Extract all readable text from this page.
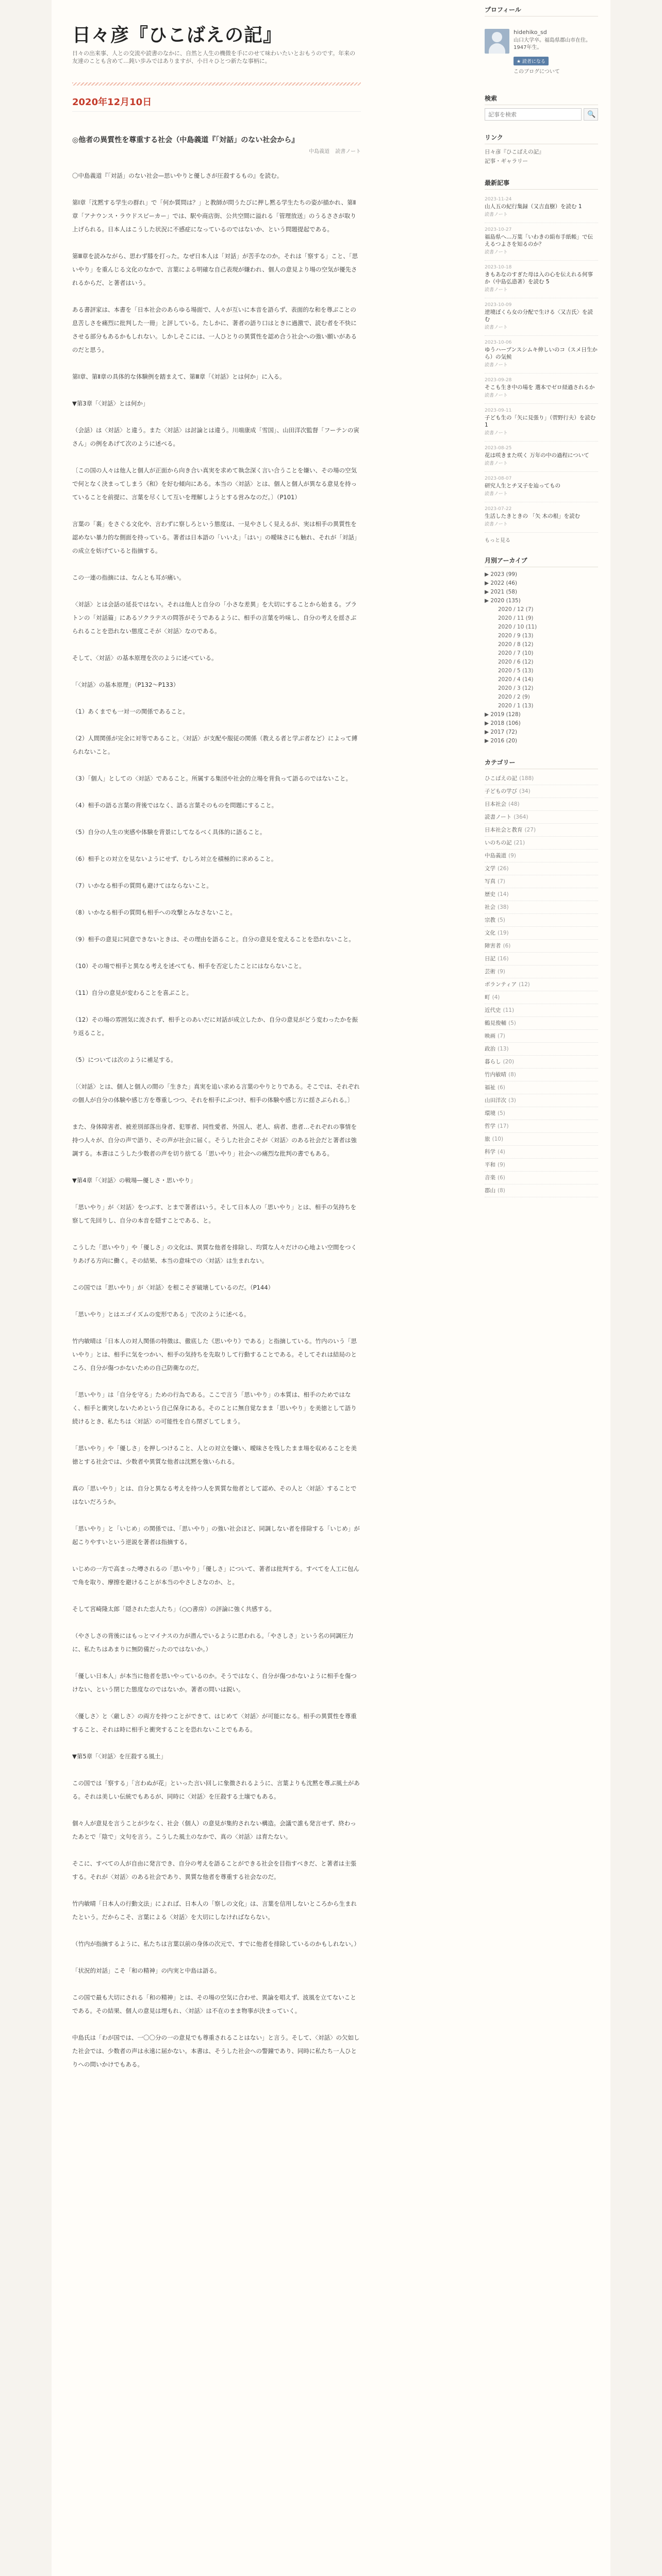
日々彦『ひこばえの記』

日々の出来事、人との交流や読書のなかに、自然と人生の機微を手にのせて味わいたいとおもうのです。年来の友達のことも含めて…鈍い歩みではありますが、小日々ひとつ新たな事柄に。

2020年12月10日
◎他者の異質性を尊重する社会（中島義道『「対話」のない社会から』
中島義道 読書ノート

〇中島義道『「対話」のない社会—思いやりと優しさが圧殺するもの』を読む。

第Ⅰ章「沈黙する学生の群れ」で「何か質問は？」と教師が問うたびに押し黙る学生たちの姿が描かれ、第Ⅱ章「アナウンス・ラウドスピーカー」では、駅や商店街、公共空間に溢れる「管理放送」のうるささが取り上げられる。日本人はこうした状況に不感症になっているのではないか、という問題提起である。

第Ⅲ章を読みながら、思わず膝を打った。なぜ日本人は「対話」が苦手なのか。それは「察する」こと、「思いやり」を重んじる文化のなかで、言葉による明確な自己表現が嫌われ、個人の意見より場の空気が優先されるからだ、と著者はいう。

ある書評家は、本書を「日本社会のあらゆる場面で、人々が互いに本音を語らず、表面的な和を尊ぶことの息苦しさを痛烈に批判した一冊」と評している。たしかに、著者の語り口はときに過激で、読む者を不快にさせる部分もあるかもしれない。しかしそこには、一人ひとりの異質性を認め合う社会への強い願いがあるのだと思う。

第Ⅰ章、第Ⅱ章の具体的な体験例を踏まえて、第Ⅲ章「《対話》とは何か」に入る。

▼第3章「〈対話〉とは何か」

（会話）は〈対話〉と違う。また〈対話〉は討論とは違う。川端康成「雪国」、山田洋次監督「フーテンの寅さん」の例をあげて次のように述べる。

〔この国の人々は他人と個人が正面から向き合い真実を求めて執念深く言い合うことを嫌い、その場の空気で何となく決まってしまう《和》を好む傾向にある。本当の〈対話〉とは、個人と個人が異なる意見を持っていることを前提に、言葉を尽くして互いを理解しようとする営みなのだ。〕（P101）

言葉の「裏」をさぐる文化や、言わずに察しろという態度は、一見やさしく見えるが、実は相手の異質性を認めない暴力的な側面を持っている。著者は日本語の「いいえ」「はい」の曖昧さにも触れ、それが「対話」の成立を妨げていると指摘する。

この一連の指摘には、なんとも耳が痛い。

〈対話〉とは会話の延長ではない。それは他人と自分の「小さな差異」を大切にすることから始まる。プラトンの「対話篇」にあるソクラテスの問答がそうであるように、相手の言葉を吟味し、自分の考えを揺さぶられることを恐れない態度こそが〈対話〉なのである。

そして、〈対話〉の基本原理を次のように述べている。

「〈対話〉の基本原理」（P132〜P133）

（1）あくまでも一対一の関係であること。

（2）人間関係が完全に対等であること。〈対話〉が支配や服従の関係（教える者と学ぶ者など）によって縛られないこと。

（3）「個人」としての〈対話〉であること。所属する集団や社会的立場を背負って語るのではないこと。

（4）相手の語る言葉の背後ではなく、語る言葉そのものを問題にすること。

（5）自分の人生の実感や体験を背景にしてなるべく具体的に語ること。

（6）相手との対立を見ないようにせず、むしろ対立を積極的に求めること。

（7）いかなる相手の質問も避けてはならないこと。

（8）いかなる相手の質問も相手への攻撃とみなさないこと。

（9）相手の意見に同意できないときは、その理由を語ること。自分の意見を変えることを恐れないこと。

（10）その場で相手と異なる考えを述べても、相手を否定したことにはならないこと。

（11）自分の意見が変わることを喜ぶこと。

（12）その場の雰囲気に流されず、相手とのあいだに対話が成立したか、自分の意見がどう変わったかを振り返ること。

（5）については次のように補足する。

〔〈対話〉とは、個人と個人の間の「生きた」真実を追い求める言葉のやりとりである。そこでは、それぞれの個人が自分の体験や感じ方を尊重しつつ、それを相手にぶつけ、相手の体験や感じ方に揺さぶられる。〕

また、身体障害者、被差別部落出身者、犯罪者、同性愛者、外国人、老人、病者、患者…それぞれの事情を持つ人々が、自分の声で語り、その声が社会に届く。そうした社会こそが〈対話〉のある社会だと著者は強調する。本書はこうした少数者の声を切り捨てる「思いやり」社会への痛烈な批判の書でもある。

▼第4章「〈対話〉の戦場—優しさ・思いやり」

「思いやり」が〈対話〉をつぶす、とまで著者はいう。そして日本人の「思いやり」とは、相手の気持ちを察して先回りし、自分の本音を隠すことである、と。

こうした「思いやり」や「優しさ」の文化は、異質な他者を排除し、均質な人々だけの心地よい空間をつくりあげる方向に働く。その結果、本当の意味での〈対話〉は生まれない。

この国では「思いやり」が〈対話〉を根こそぎ破壊しているのだ。（P144）

「思いやり」とはエゴイズムの変形である」で次のように述べる。

竹内敏晴は「日本人の対人関係の特徴は、徹底した《思いやり》である」と指摘している。竹内のいう「思いやり」とは、相手に気をつかい、相手の気持ちを先取りして行動することである。そしてそれは結局のところ、自分が傷つかないための自己防衛なのだ。

「思いやり」は「自分を守る」ための行為である。ここで言う「思いやり」の本質は、相手のためではなく、相手と衝突しないためという自己保身にある。そのことに無自覚なまま「思いやり」を美徳として語り続けるとき、私たちは〈対話〉の可能性を自ら閉ざしてしまう。

「思いやり」や「優しさ」を押しつけること、人との対立を嫌い、曖昧さを残したまま場を収めることを美徳とする社会では、少数者や異質な他者は沈黙を強いられる。

真の「思いやり」とは、自分と異なる考えを持つ人を異質な他者として認め、その人と〈対話〉することではないだろうか。

「思いやり」と「いじめ」の関係では、「思いやり」の強い社会ほど、同調しない者を排除する「いじめ」が起こりやすいという逆説を著者は指摘する。

いじめの一方で高まった噂されるの「思いやり」「優しさ」について、著者は批判する。すべてを人工に包んで角を取り、摩擦を避けることが本当のやさしさなのか、と。

そして宮崎隆太郎「隠された恋人たち」（○○書房）の評論に強く共感する。

（やさしさの背後にはもっとマイナスの力が潜んでいるように思われる。「やさしさ」という名の同調圧力に、私たちはあまりに無防備だったのではないか。）

「優しい日本人」が本当に他者を思いやっているのか。そうではなく、自分が傷つかないように相手を傷つけない、という閉じた態度なのではないか。著者の問いは鋭い。

〈優しさ〉と〈厳しさ〉の両方を持つことができて、はじめて〈対話〉が可能になる。相手の異質性を尊重すること、それは時に相手と衝突することを恐れないことでもある。

▼第5章「〈対話〉を圧殺する風土」

この国では「察する」「言わぬが花」といった言い回しに象徴されるように、言葉よりも沈黙を尊ぶ風土がある。それは美しい伝統でもあるが、同時に〈対話〉を圧殺する土壌でもある。

個々人が意見を言うことが少なく、社会（個人）の意見が集約されない構造。会議で誰も発言せず、終わったあとで「陰で」文句を言う。こうした風土のなかで、真の〈対話〉は育たない。

そこに、すべての人が自由に発言でき、自分の考えを語ることができる社会を目指すべきだ、と著者は主張する。それが〈対話〉のある社会であり、異質な他者を尊重する社会なのだ。

竹内敏晴「日本人の行動文法」によれば、日本人の「察しの文化」は、言葉を信用しないところから生まれたという。だからこそ、言葉による〈対話〉を大切にしなければならない。

（竹内が指摘するように、私たちは言葉以前の身体の次元で、すでに他者を排除しているのかもしれない。）

「状況的対話」こそ「和の精神」の内実と中島は語る。

この国で最も大切にされる「和の精神」とは、その場の空気に合わせ、異論を唱えず、波風を立てないことである。その結果、個人の意見は埋もれ、〈対話〉は不在のまま物事が決まっていく。

中島氏は「わが国では、一〇〇分の一の意見でも尊重されることはない」と言う。そして、〈対話〉の欠如した社会では、少数者の声は永遠に届かない。本書は、そうした社会への警鐘であり、同時に私たち一人ひとりへの問いかけでもある。

プロフィール
hidehiko_sd
山口大学卒。福島県郡山市在住。1947年生。
★ 読者になる
このブログについて
検索
記事を検索
🔍
リンク
日々彦『ひこばえの記』
記事・ギャラリー
最新記事
2023-11-24
山人五の紀行集録（又吉直樹）を読む 1
読書ノート
2023-10-27
福島県へ…万葉「いわきの絹布手紙帳」で伝えるつよさを知るのか？
読書ノート
2023-10-18
きもあなのすぎた母は入の心を伝えれる何事か（中島弘造著）を読む 5
読書ノート
2023-10-09
逆境ぼくら女の分配で生ける〈又吉氏〉を読む
読書ノート
2023-10-06
ゆうハーブンスシムキ伸しいのコ（スメ日生から）の気候
読書ノート
2023-09-28
そこも生き中の場を 選本でゼロ経過されるか
読書ノート
2023-09-11
子ども生の「矢に見張り」（菅野行夫）を読む 1
読書ノート
2023-08-25
花は咲きまた咲く 万年の中の過程について
読書ノート
2023-08-07
研究人生とチ又子を辿ってもの
読書ノート
2023-07-22
生活したきときの 「矢 木の根」を読む
読書ノート
もっと見る
月別アーカイブ
▶ 2023 (99)
▶ 2022 (46)
▶ 2021 (58)
▶ 2020 (135)
2020 / 12 (7)
2020 / 11 (9)
2020 / 10 (11)
2020 / 9 (13)
2020 / 8 (12)
2020 / 7 (10)
2020 / 6 (12)
2020 / 5 (13)
2020 / 4 (14)
2020 / 3 (12)
2020 / 2 (9)
2020 / 1 (13)
▶ 2019 (128)
▶ 2018 (106)
▶ 2017 (72)
▶ 2016 (20)
カテゴリー
ひこばえの記 (188)
子どもの学び (34)
日本社会 (48)
読書ノート (364)
日本社会と教育 (27)
いのちの記 (21)
中島義道 (9)
文学 (26)
写真 (7)
歴史 (14)
社会 (38)
宗教 (5)
文化 (19)
障害者 (6)
日記 (16)
芸術 (9)
ボランティア (12)
町 (4)
近代史 (11)
鶴見俊輔 (5)
映画 (7)
政治 (13)
暮らし (20)
竹内敏晴 (8)
福祉 (6)
山田洋次 (3)
環境 (5)
哲学 (17)
旅 (10)
科学 (4)
平和 (9)
音楽 (6)
郡山 (8)
